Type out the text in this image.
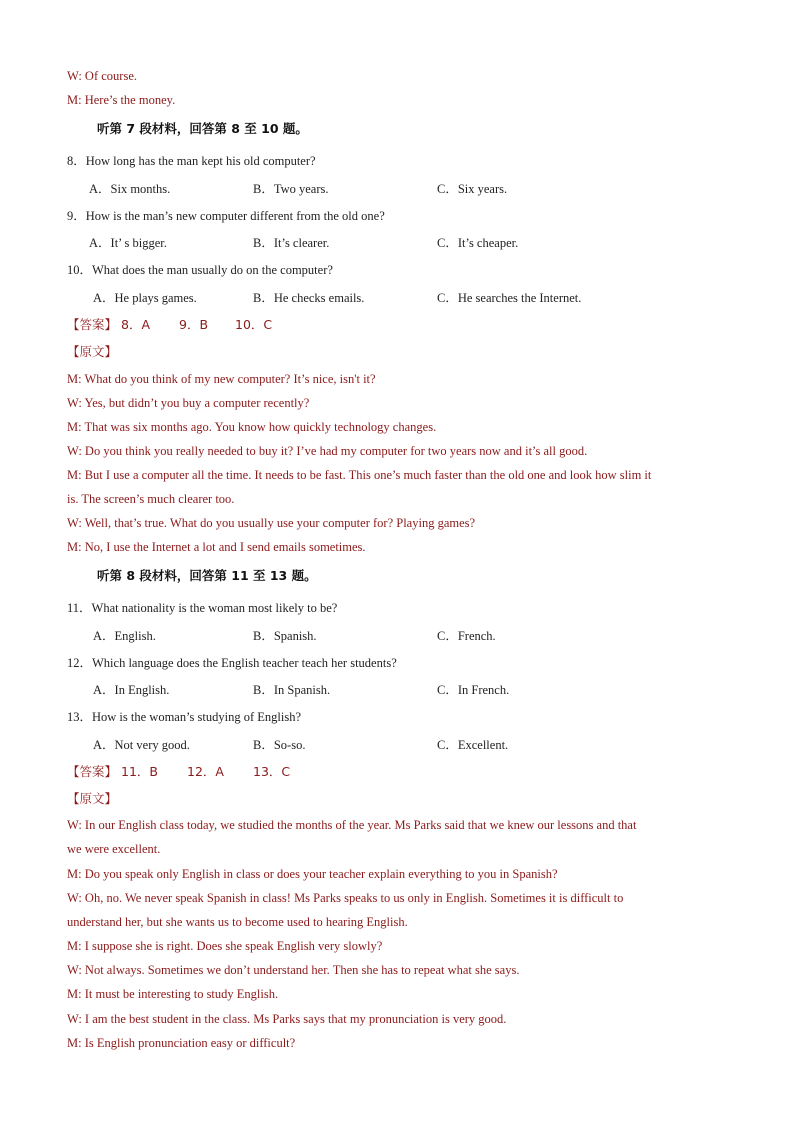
W: Of course.
M: Here’s the money.
听第 7 段材料，回答第 8 至 10 题。
8．How long has the man kept his old computer?
A．Six months.	B．Two years.	C．Six years.
9．How is the man’s new computer different from the old one?
A．It’ s bigger.	B．It’s clearer.	C．It’s cheaper.
10．What does the man usually do on the computer?
A．He plays games.	B．He checks emails.	C．He searches the Internet.
【答案】 8．A 9．B 10．C
【原文】
M: What do you think of my new computer? It’s nice, isn't it?
W: Yes, but didn’t you buy a computer recently?
M: That was six months ago. You know how quickly technology changes.
W: Do you think you really needed to buy it? I’ve had my computer for two years now and it’s all good.
M: But I use a computer all the time. It needs to be fast. This one’s much faster than the old one and look how slim it
is. The screen’s much clearer too.
W: Well, that’s true. What do you usually use your computer for? Playing games?
M: No, I use the Internet a lot and I send emails sometimes.
听第 8 段材料，回答第 11 至 13 题。
11．What nationality is the woman most likely to be?
A．English.	B．Spanish.	C．French.
12．Which language does the English teacher teach her students?
A．In English.	B．In Spanish.	C．In French.
13．How is the woman’s studying of English?
A．Not very good.	B．So-so.	C．Excellent.
【答案】 11．B 12．A 13．C
【原文】
W: In our English class today, we studied the months of the year. Ms Parks said that we knew our lessons and that
we were excellent.
M: Do you speak only English in class or does your teacher explain everything to you in Spanish?
W: Oh, no. We never speak Spanish in class! Ms Parks speaks to us only in English. Sometimes it is difficult to
understand her, but she wants us to become used to hearing English.
M: I suppose she is right. Does she speak English very slowly?
W: Not always. Sometimes we don’t understand her. Then she has to repeat what she says.
M: It must be interesting to study English.
W: I am the best student in the class. Ms Parks says that my pronunciation is very good.
M: Is English pronunciation easy or difficult?
